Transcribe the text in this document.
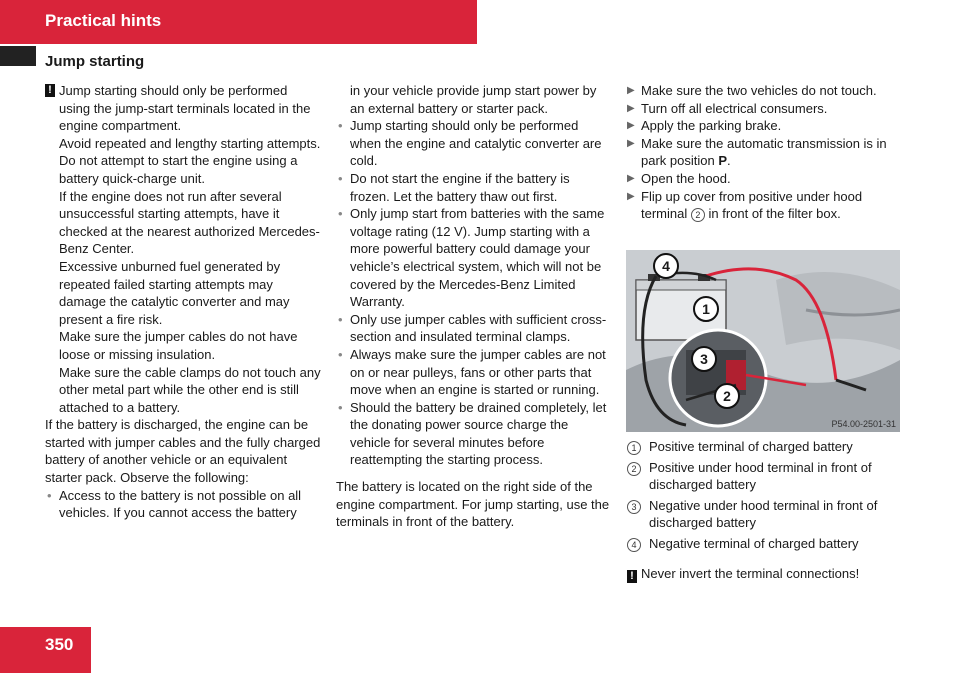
Practical hints
Jump starting

! Jump starting should only be performed using the jump-start terminals located in the engine compartment.

Avoid repeated and lengthy starting attempts.

Do not attempt to start the engine using a battery quick-charge unit.

If the engine does not run after several unsuccessful starting attempts, have it checked at the nearest authorized Mercedes-Benz Center.

Excessive unburned fuel generated by repeated failed starting attempts may damage the catalytic converter and may present a fire risk.

Make sure the jumper cables do not have loose or missing insulation.

Make sure the cable clamps do not touch any other metal part while the other end is still attached to a battery.

If the battery is discharged, the engine can be started with jumper cables and the fully charged battery of another vehicle or an equivalent starter pack. Observe the following:

• Access to the battery is not possible on all vehicles. If you cannot access the battery

in your vehicle provide jump start power by an external battery or starter pack.

• Jump starting should only be performed when the engine and catalytic converter are cold.

• Do not start the engine if the battery is frozen. Let the battery thaw out first.

• Only jump start from batteries with the same voltage rating (12 V). Jump starting with a more powerful battery could damage your vehicle’s electrical system, which will not be covered by the Mercedes-Benz Limited Warranty.

• Only use jumper cables with sufficient cross-section and insulated terminal clamps.

• Always make sure the jumper cables are not on or near pulleys, fans or other parts that move when an engine is started or running.

• Should the battery be drained completely, let the donating power source charge the vehicle for several minutes before reattempting the starting process.

The battery is located on the right side of the engine compartment. For jump starting, use the terminals in front of the battery.

▶ Make sure the two vehicles do not touch.

▶ Turn off all electrical consumers.

▶ Apply the parking brake.

▶ Make sure the automatic transmission is in park position P.

▶ Open the hood.

▶ Flip up cover from positive under hood terminal 2 in front of the filter box.

4
1
3
2
P54.00-2501-31
1 Positive terminal of charged battery
2 Positive under hood terminal in front of discharged battery
3 Negative under hood terminal in front of discharged battery
4 Negative terminal of charged battery

! Never invert the terminal connections!

350
